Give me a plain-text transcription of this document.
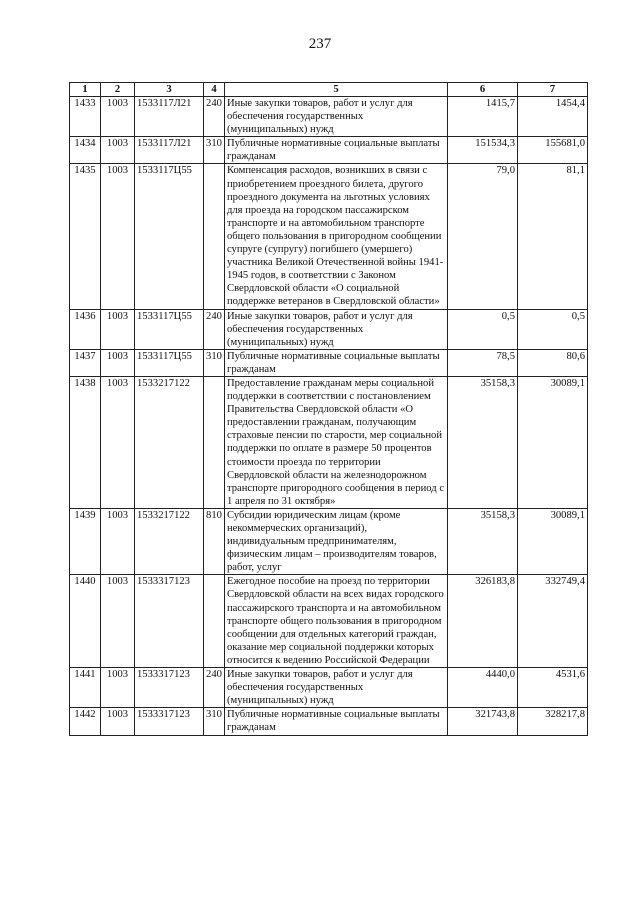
237
1	2	3	4	5	6	7
1433	1003	1533117Л21	240	Иные закупки товаров, работ и услуг для обеспечения государственных (муниципальных) нужд	1415,7	1454,4
1434	1003	1533117Л21	310	Публичные нормативные социальные выплаты гражданам	151534,3	155681,0
1435	1003	1533117Ц55		Компенсация расходов, возникших в связи с приобретением проездного билета, другого проездного документа на льготных условиях для проезда на городском пассажирском транспорте и на автомобильном транспорте общего пользования в пригородном сообщении супруге (супругу) погибшего (умершего) участника Великой Отечественной войны 1941-1945 годов, в соответствии с Законом Свердловской области «О социальной поддержке ветеранов в Свердловской области»	79,0	81,1
1436	1003	1533117Ц55	240	Иные закупки товаров, работ и услуг для обеспечения государственных (муниципальных) нужд	0,5	0,5
1437	1003	1533117Ц55	310	Публичные нормативные социальные выплаты гражданам	78,5	80,6
1438	1003	1533217122		Предоставление гражданам меры социальной поддержки в соответствии с постановлением Правительства Свердловской области «О предоставлении гражданам, получающим страховые пенсии по старости, мер социальной поддержки по оплате в размере 50 процентов стоимости проезда по территории Свердловской области на железнодорожном транспорте пригородного сообщения в период с 1 апреля по 31 октября»	35158,3	30089,1
1439	1003	1533217122	810	Субсидии юридическим лицам (кроме некоммерческих организаций), индивидуальным предпринимателям, физическим лицам – производителям товаров, работ, услуг	35158,3	30089,1
1440	1003	1533317123		Ежегодное пособие на проезд по территории Свердловской области на всех видах городского пассажирского транспорта и на автомобильном транспорте общего пользования в пригородном сообщении для отдельных категорий граждан, оказание мер социальной поддержки которых относится к ведению Российской Федерации	326183,8	332749,4
1441	1003	1533317123	240	Иные закупки товаров, работ и услуг для обеспечения государственных (муниципальных) нужд	4440,0	4531,6
1442	1003	1533317123	310	Публичные нормативные социальные выплаты гражданам	321743,8	328217,8
